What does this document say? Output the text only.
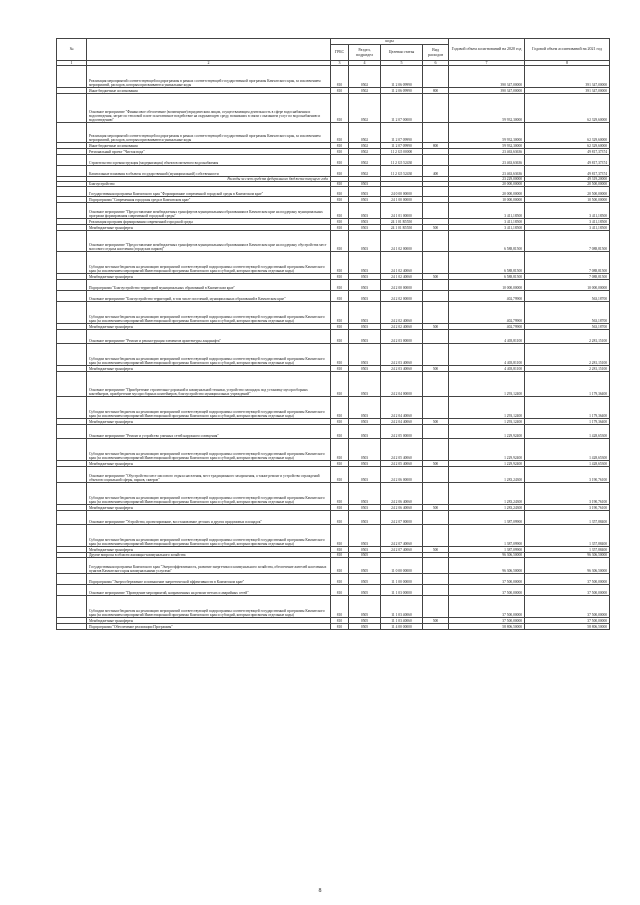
№		коды				Годовой объем ассигнований на 2020 год	Годовой объем ассигнований на 2021 год
		ГРБС	Раздел, подраздел	Целевая статья	Вид расходов		
1	2	3	4	5	6	7	8
	Реализация мероприятий соответствующей подпрограммы в рамках соответствующей государственной программы Камчатского края, за исключением мероприятий, расходов, которым присваиваются уникальные коды	810	0502	11 2 06 09990		390 347,00000	391 347,00000
	Иные бюджетные ассигнования	810	0502	11 2 06 09990	800	390 347,00000	391 347,00000
	Основное мероприятие "Финансовое обеспечение (возмещение) юридическим лицам, осуществляющим деятельность в сфере водоснабжения и водоотведения, затрат по тепловой плате за негативное воздействие на окружающую среду, возникших в связи с оказанием услуг по водоснабжению и водоотведению"	810	0502	11 2 07 00000		59 932,30000	62 329,60000
	Реализация мероприятий соответствующей подпрограммы в рамках соответствующей государственной программы Камчатского края, за исключением мероприятий, расходов, которым присваиваются уникальные коды	810	0502	11 2 07 09990		59 932,30000	62 329,60000
	Иные бюджетные ассигнования	810	0502	11 2 07 09990	800	59 932,30000	62 329,60000
	Региональный проект "Чистая вода"	810	0502	11 2 G5 00000		23 463,63636	49 817,37374
	Строительство и реконструкция (модернизация) объектов питьевого водоснабжения	810	0502	11 2 G5 52430		23 463,63636	49 817,37374
	Капитальные вложения в объекты государственной (муниципальной) собственности	810	0502	11 2 G5 52430	400	23 463,63636	49 817,37374
	Расходы за счет средств федерального бюджета текущего года					23 229,00000	49 319,20000
	Благоустройство	810	0503			20 000,00000	20 500,00000
	Государственная программа Камчатского края "Формирование современной городской среды в Камчатском крае"	810	0503	24 0 00 00000		20 000,00000	20 500,00000
	Подпрограмма "Современная городская среда в Камчатском крае"	810	0503	24 1 00 00000		10 000,00000	10 500,00000
	Основное мероприятие "Предоставление межбюджетных трансфертов муниципальным образованиям в Камчатском крае на поддержку муниципальных программ формирования современной городской среды"	810	0503	24 1 01 00000		3 411,18500	3 411,18500
	Реализация программ формирования современной городской среды	810	0503	24 1 01 R5550		3 411,18500	3 411,18500
	Межбюджетные трансферты	810	0503	24 1 01 R5550	500	3 411,18500	3 411,18500
	Основное мероприятие "Предоставление межбюджетных трансфертов муниципальным образованиям в Камчатском крае на поддержку обустройства мест массового отдыха населения (городских парков)"	810	0503	24 1 02 00000		6 588,81500	7 088,81500
	Субсидии местным бюджетам на реализацию мероприятий соответствующей подпрограммы соответствующей государственной программы Камчатского края (за исключением мероприятий Инвестиционной программы Камчатского края и субсидий, которым присвоены отдельные коды)	810	0503	24 1 02 40060		6 588,81500	7 088,81500
	Межбюджетные трансферты	810	0503	24 1 02 40060	500	6 588,81500	7 088,81500
	Подпрограмма "Благоустройство территорий муниципальных образований в Камчатском крае"	810	0503	24 2 00 00000		10 000,00000	10 000,00000
	Основное мероприятие "Благоустройство территорий, в том числе поселений, муниципальных образований в Камчатском крае"	810	0503	24 2 02 00000		402,79900	563,18700
	Субсидии местным бюджетам на реализацию мероприятий соответствующей подпрограммы соответствующей государственной программы Камчатского края (за исключением мероприятий Инвестиционной программы Камчатского края и субсидий, которым присвоены отдельные коды)	810	0503	24 2 02 40060		402,79900	563,18700
	Межбюджетные трансферты	810	0503	24 2 02 40060	500	402,79900	563,18700
	Основное мероприятие "Ремонт и реконструкция элементов архитектуры ландшафта"	810	0503	24 2 03 00000		4 403,81100	2 281,15100
	Субсидии местным бюджетам на реализацию мероприятий соответствующей подпрограммы соответствующей государственной программы Камчатского края (за исключением мероприятий Инвестиционной программы Камчатского края и субсидий, которым присвоены отдельные коды)	810	0503	24 2 03 40060		4 403,81100	2 281,15100
	Межбюджетные трансферты	810	0503	24 2 03 40060	500	4 403,81100	2 281,15100
	Основное мероприятие "Приобретение строительно-дорожной и коммунальной техники, устройство площадок под установку мусоросборных контейнеров, приобретение мусоросборных контейнеров, благоустройство муниципальных учреждений"	810	0503	24 2 04 00000		1 293,12400	1 179,36400
	Субсидии местным бюджетам на реализацию мероприятий соответствующей подпрограммы соответствующей государственной программы Камчатского края (за исключением мероприятий Инвестиционной программы Камчатского края и субсидий, которым присвоены отдельные коды)	810	0503	24 2 04 40060		1 293,12400	1 179,36400
	Межбюджетные трансферты	810	0503	24 2 04 40060	500	1 293,12400	1 179,36400
	Основное мероприятие "Ремонт и устройство уличных сетей наружного освещения"	810	0503	24 2 05 00000		1 229,92400	1 428,65300
	Субсидии местным бюджетам на реализацию мероприятий соответствующей подпрограммы соответствующей государственной программы Камчатского края (за исключением мероприятий Инвестиционной программы Камчатского края и субсидий, которым присвоены отдельные коды)	810	0503	24 2 05 40060		1 229,92400	1 428,65300
	Межбюджетные трансферты	810	0503	24 2 05 40060	500	1 229,92400	1 428,65300
	Основное мероприятие "Обустройство мест массового отдыха населения, мест традиционного захоронения, а также ремонт и устройство ограждений объектов социальной сферы, парков, скверов"	810	0503	24 2 06 00000		1 283,24300	3 190,76100
	Субсидии местным бюджетам на реализацию мероприятий соответствующей подпрограммы соответствующей государственной программы Камчатского края (за исключением мероприятий Инвестиционной программы Камчатского края и субсидий, которым присвоены отдельные коды)	810	0503	24 2 06 40060		1 283,24300	3 190,76100
	Межбюджетные трансферты	810	0503	24 2 06 40060	500	1 283,24300	3 190,76100
	Основное мероприятие "Устройство, проектирование, восстановление детских и других придомовых площадок"	810	0503	24 2 07 00000		1 387,09900	1 357,88400
	Субсидии местным бюджетам на реализацию мероприятий соответствующей подпрограммы соответствующей государственной программы Камчатского края (за исключением мероприятий Инвестиционной программы Камчатского края и субсидий, которым присвоены отдельные коды)	810	0503	24 2 07 40060		1 387,09900	1 357,88400
	Межбюджетные трансферты	810	0503	24 2 07 40060	500	1 387,09900	1 357,88400
	Другие вопросы в области жилищно-коммунального хозяйства	810	0505			96 306,50000	96 306,50000
	Государственная программа Камчатского края "Энергоэффективность, развитие энергетики и коммунального хозяйства, обеспечение жителей населенных пунктов Камчатского края коммунальными услугами"	810	0505	11 0 00 00000		96 306,50000	96 306,50000
	Подпрограмма "Энергосбережение и повышение энергетической эффективности в Камчатском крае"	810	0505	11 1 00 00000		37 500,00000	37 500,00000
	Основное мероприятие "Проведение мероприятий, направленных на ремонт ветхих и аварийных сетей"	810	0505	11 1 03 00000		37 500,00000	37 500,00000
	Субсидии местным бюджетам на реализацию мероприятий соответствующей подпрограммы соответствующей государственной программы Камчатского края (за исключением мероприятий Инвестиционной программы Камчатского края и субсидий, которым присвоены отдельные коды)	810	0505	11 1 03 40060		37 500,00000	37 500,00000
	Межбюджетные трансферты	810	0505	11 1 03 40060	500	37 500,00000	37 500,00000
	Подпрограмма "Обеспечение реализации Программы"	810	0505	11 4 00 00000		58 806,50000	58 806,50000
8
